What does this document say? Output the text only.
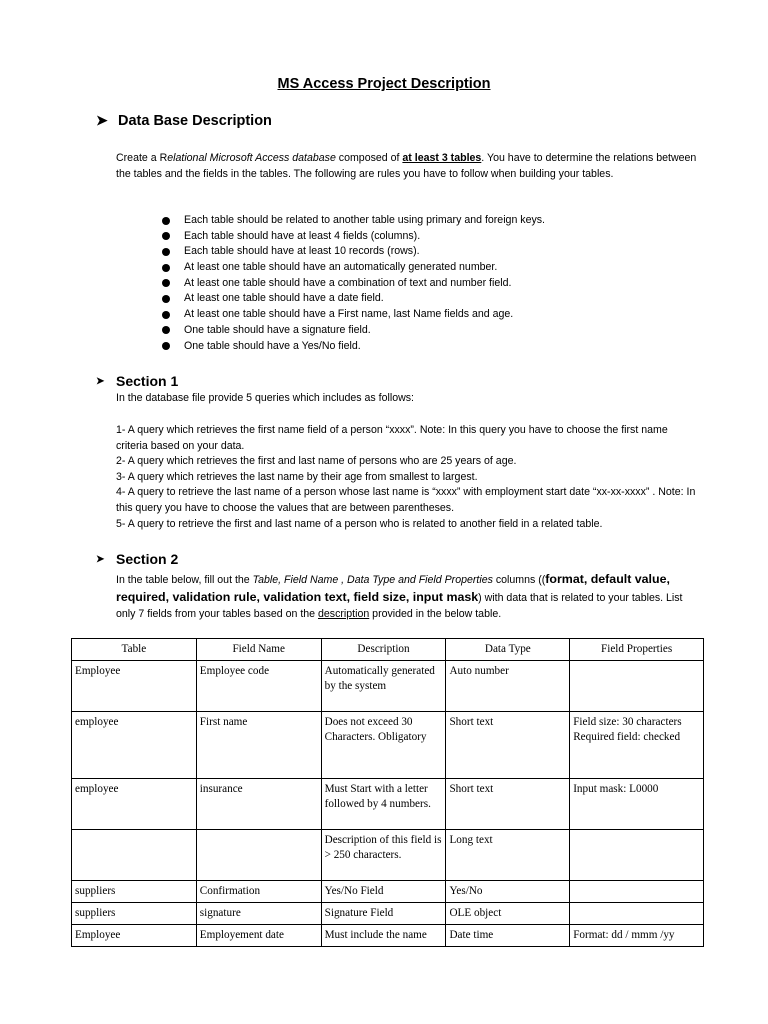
MS Access Project Description
➤ Data Base Description

Create a Relational Microsoft Access database composed of at least 3 tables. You have to determine the relations between the tables and the fields in the tables. The following are rules you have to follow when building your tables.

Each table should be related to another table using primary and foreign keys.
Each table should have at least 4 fields (columns).
Each table should have at least 10 records (rows).
At least one table should have an automatically generated number.
At least one table should have a combination of text and number field.
At least one table should have a date field.
At least one table should have a First name, last Name fields and age.
One table should have a signature field.
One table should have a Yes/No field.
➤ Section 1

In the database file provide 5 queries which includes as follows:

1- A query which retrieves the first name field of a person “xxxx”. Note: In this query you have to choose the first name criteria based on your data.
2- A query which retrieves the first and last name of persons who are 25 years of age.
3- A query which retrieves the last name by their age from smallest to largest.
4- A query to retrieve the last name of a person whose last name is “xxxx” with employment start date “xx-xx-xxxx” . Note: In this query you have to choose the values that are between parentheses.
5- A query to retrieve the first and last name of a person who is related to another field in a related table.
➤ Section 2

In the table below, fill out the Table, Field Name , Data Type and Field Properties columns ((format, default value, required, validation rule, validation text, field size, input mask) with data that is related to your tables. List only 7 fields from your tables based on the description provided in the below table.

Table	Field Name	Description	Data Type	Field Properties
Employee	Employee code	Automatically generated by the system	Auto number	
employee	First name	Does not exceed 30 Characters. Obligatory	Short text	Field size: 30 characters Required field: checked
employee	insurance	Must Start with a letter followed by 4 numbers.	Short text	Input mask: L0000
		Description of this field is > 250 characters.	Long text	
suppliers	Confirmation	Yes/No Field	Yes/No	
suppliers	signature	Signature Field	OLE object	
Employee	Employement date	Must include the name	Date time	Format: dd / mmm /yy
